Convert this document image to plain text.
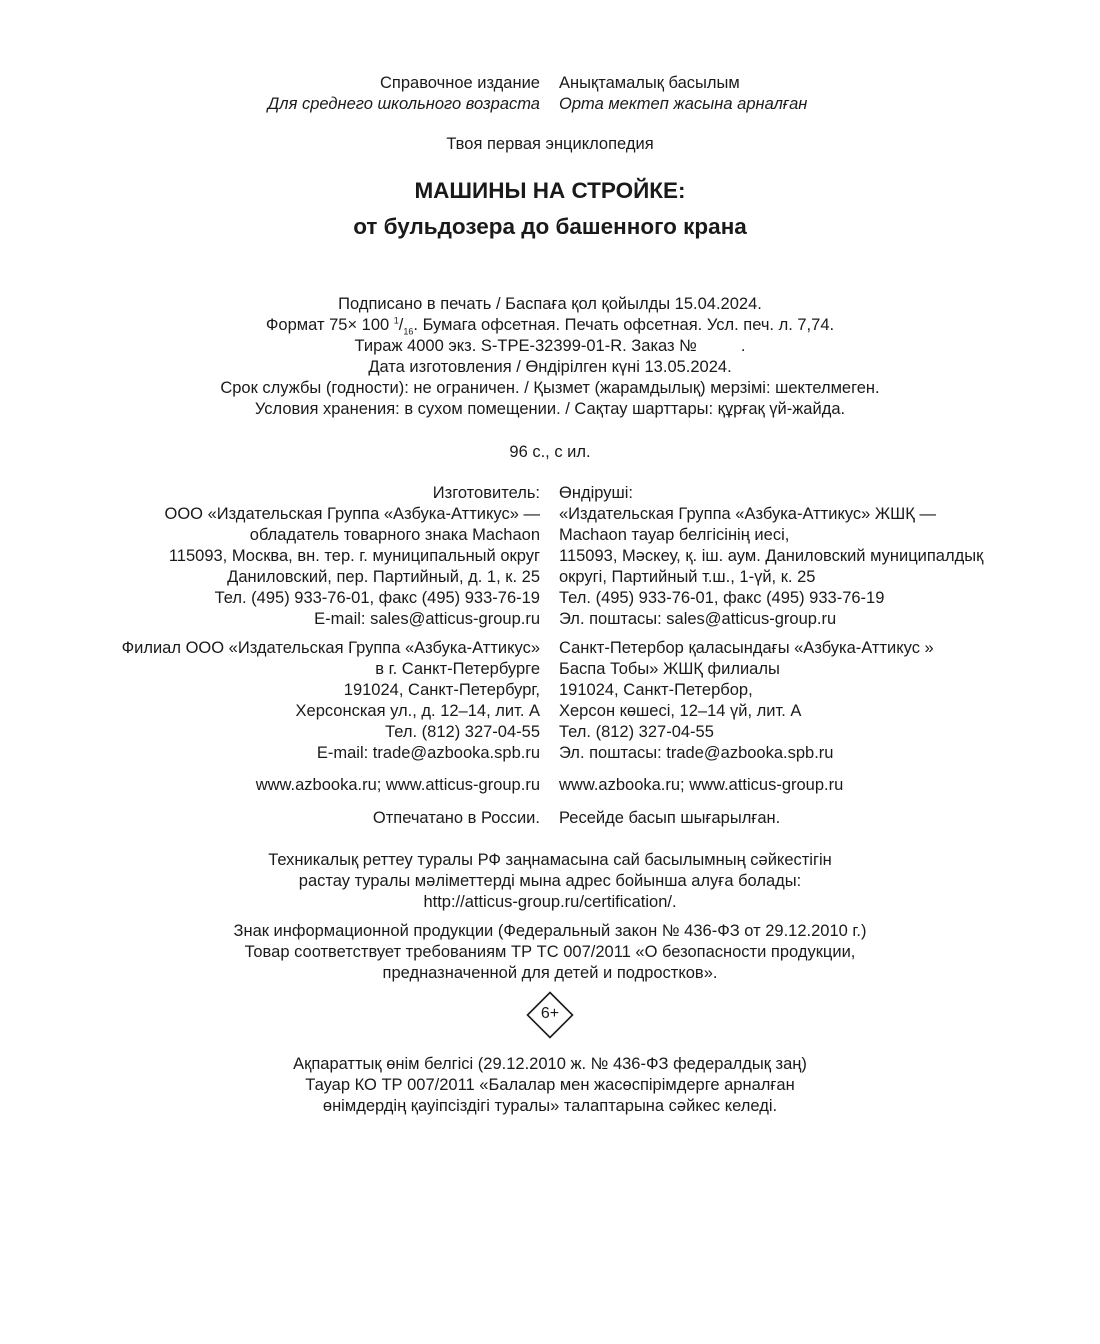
Справочное издание
Для среднего школьного возраста
Анықтамалық басылым
Орта мектеп жасына арналған
Твоя первая энциклопедия
МАШИНЫ НА СТРОЙКЕ:
от бульдозера до башенного крана
Подписано в печать / Баспаға қол қойылды 15.04.2024.
Формат 75× 100 $^1/_{16}$. Бумага офсетная. Печать офсетная. Усл. печ. л. 7,74.
Тираж 4000 экз. S-TPE-32399-01-R. Заказ №	.
Дата изготовления / Өндірілген күні 13.05.2024.
Срок службы (годности): не ограничен. / Қызмет (жарамдылық) мерзімі: шектелмеген.
Условия хранения: в сухом помещении. / Сақтау шарттары: құрғақ үй-жайда.
96 с., с ил.
Изготовитель:
ООО «Издательская Группа «Азбука-Аттикус» —
обладатель товарного знака Machaon
115093, Москва, вн. тер. г. муниципальный округ
Даниловский, пер. Партийный, д. 1, к. 25
Тел. (495) 933-76-01, факс (495) 933-76-19
E-mail: sales@atticus-group.ru
Өндіруші:
«Издательская Группа «Азбука-Аттикус» ЖШҚ —
Machaon тауар белгісінің иесі,
115093, Мәскеу, қ. іш. аум. Даниловский муниципалдық
округі, Партийный т.ш., 1-үй, к. 25
Тел. (495) 933-76-01, факс (495) 933-76-19
Эл. поштасы: sales@atticus-group.ru
Филиал ООО «Издательская Группа «Азбука-Аттикус»
в г. Санкт-Петербурге
191024, Санкт-Петербург,
Херсонская ул., д. 12–14, лит. А
Тел. (812) 327-04-55
E-mail: trade@azbooka.spb.ru
Санкт-Петербор қаласындағы «Азбука-Аттикус »
Баспа Тобы» ЖШҚ филиалы
191024, Санкт-Петербор,
Херсон көшесі, 12–14 үй, лит. А
Тел. (812) 327-04-55
Эл. поштасы: trade@azbooka.spb.ru
www.azbooka.ru; www.atticus-group.ru www.azbooka.ru; www.atticus-group.ru
Отпечатано в России. Ресейде басып шығарылған.
Техникалық реттеу туралы РФ заңнамасына сай басылымның сәйкестігін
растау туралы мәліметтерді мына адрес бойынша алуға болады:
http://atticus-group.ru/certification/.
Знак информационной продукции (Федеральный закон № 436-ФЗ от 29.12.2010 г.)
Товар соответствует требованиям ТР ТС 007/2011 «О безопасности продукции,
предназначенной для детей и подростков».
6+
Ақпараттық өнім белгісі (29.12.2010 ж. № 436-ФЗ федералдық заң)
Тауар КО ТР 007/2011 «Балалар мен жасөспірімдерге арналған
өнімдердің қауіпсіздігі туралы» талаптарына сәйкес келеді.
